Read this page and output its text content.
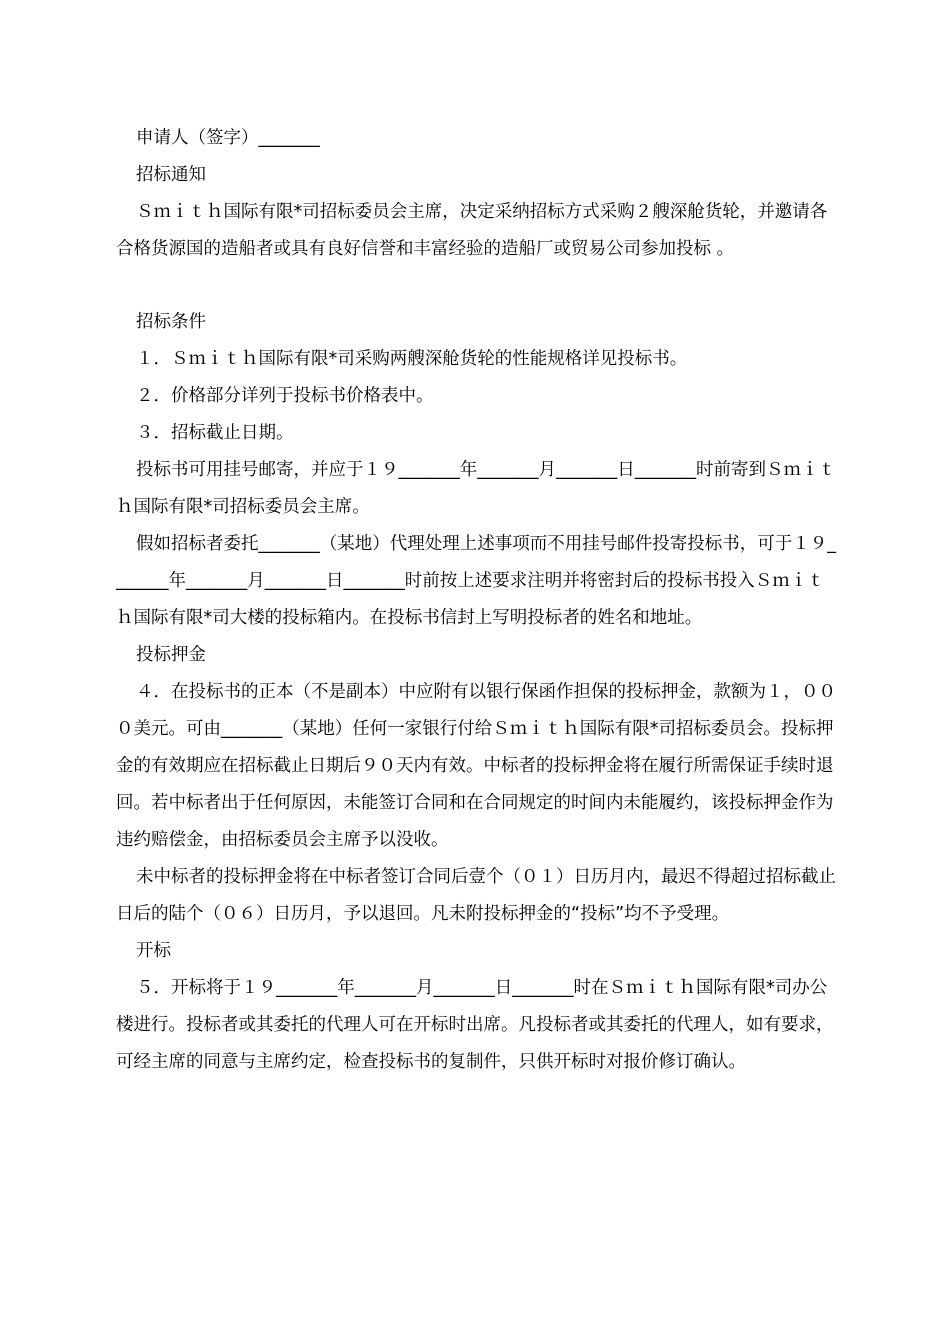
申请人（签字）_______

招标通知

Ｓｍｉｔｈ国际有限*司招标委员会主席，决定采纳招标方式采购２艘深舱货轮，并邀请各合格货源国的造船者或具有良好信誉和丰富经验的造船厂或贸易公司参加投标 。

招标条件

１．Ｓｍｉｔｈ国际有限*司采购两艘深舱货轮的性能规格详见投标书。

２．价格部分详列于投标书价格表中。

３．招标截止日期。

投标书可用挂号邮寄，并应于１９_______年_______月_______日_______时前寄到Ｓｍｉｔｈ国际有限*司招标委员会主席。

假如招标者委托_______（某地）代理处理上述事项而不用挂号邮件投寄投标书，可于１９_______年_______月_______日_______时前按上述要求注明并将密封后的投标书投入Ｓｍｉｔｈ国际有限*司大楼的投标箱内。在投标书信封上写明投标者的姓名和地址。

投标押金

４．在投标书的正本（不是副本）中应附有以银行保函作担保的投标押金，款额为１，０００美元。可由_______（某地）任何一家银行付给Ｓｍｉｔｈ国际有限*司招标委员会。投标押金的有效期应在招标截止日期后９０天内有效。中标者的投标押金将在履行所需保证手续时退回。若中标者出于任何原因，未能签订合同和在合同规定的时间内未能履约，该投标押金作为违约赔偿金，由招标委员会主席予以没收。

未中标者的投标押金将在中标者签订合同后壹个（０１）日历月内，最迟不得超过招标截止日后的陆个（０６）日历月，予以退回。凡未附投标押金的“投标”均不予受理。

开标

５．开标将于１９_______年_______月_______日_______时在Ｓｍｉｔｈ国际有限*司办公楼进行。投标者或其委托的代理人可在开标时出席。凡投标者或其委托的代理人，如有要求，可经主席的同意与主席约定，检查投标书的复制件，只供开标时对报价修订确认。
